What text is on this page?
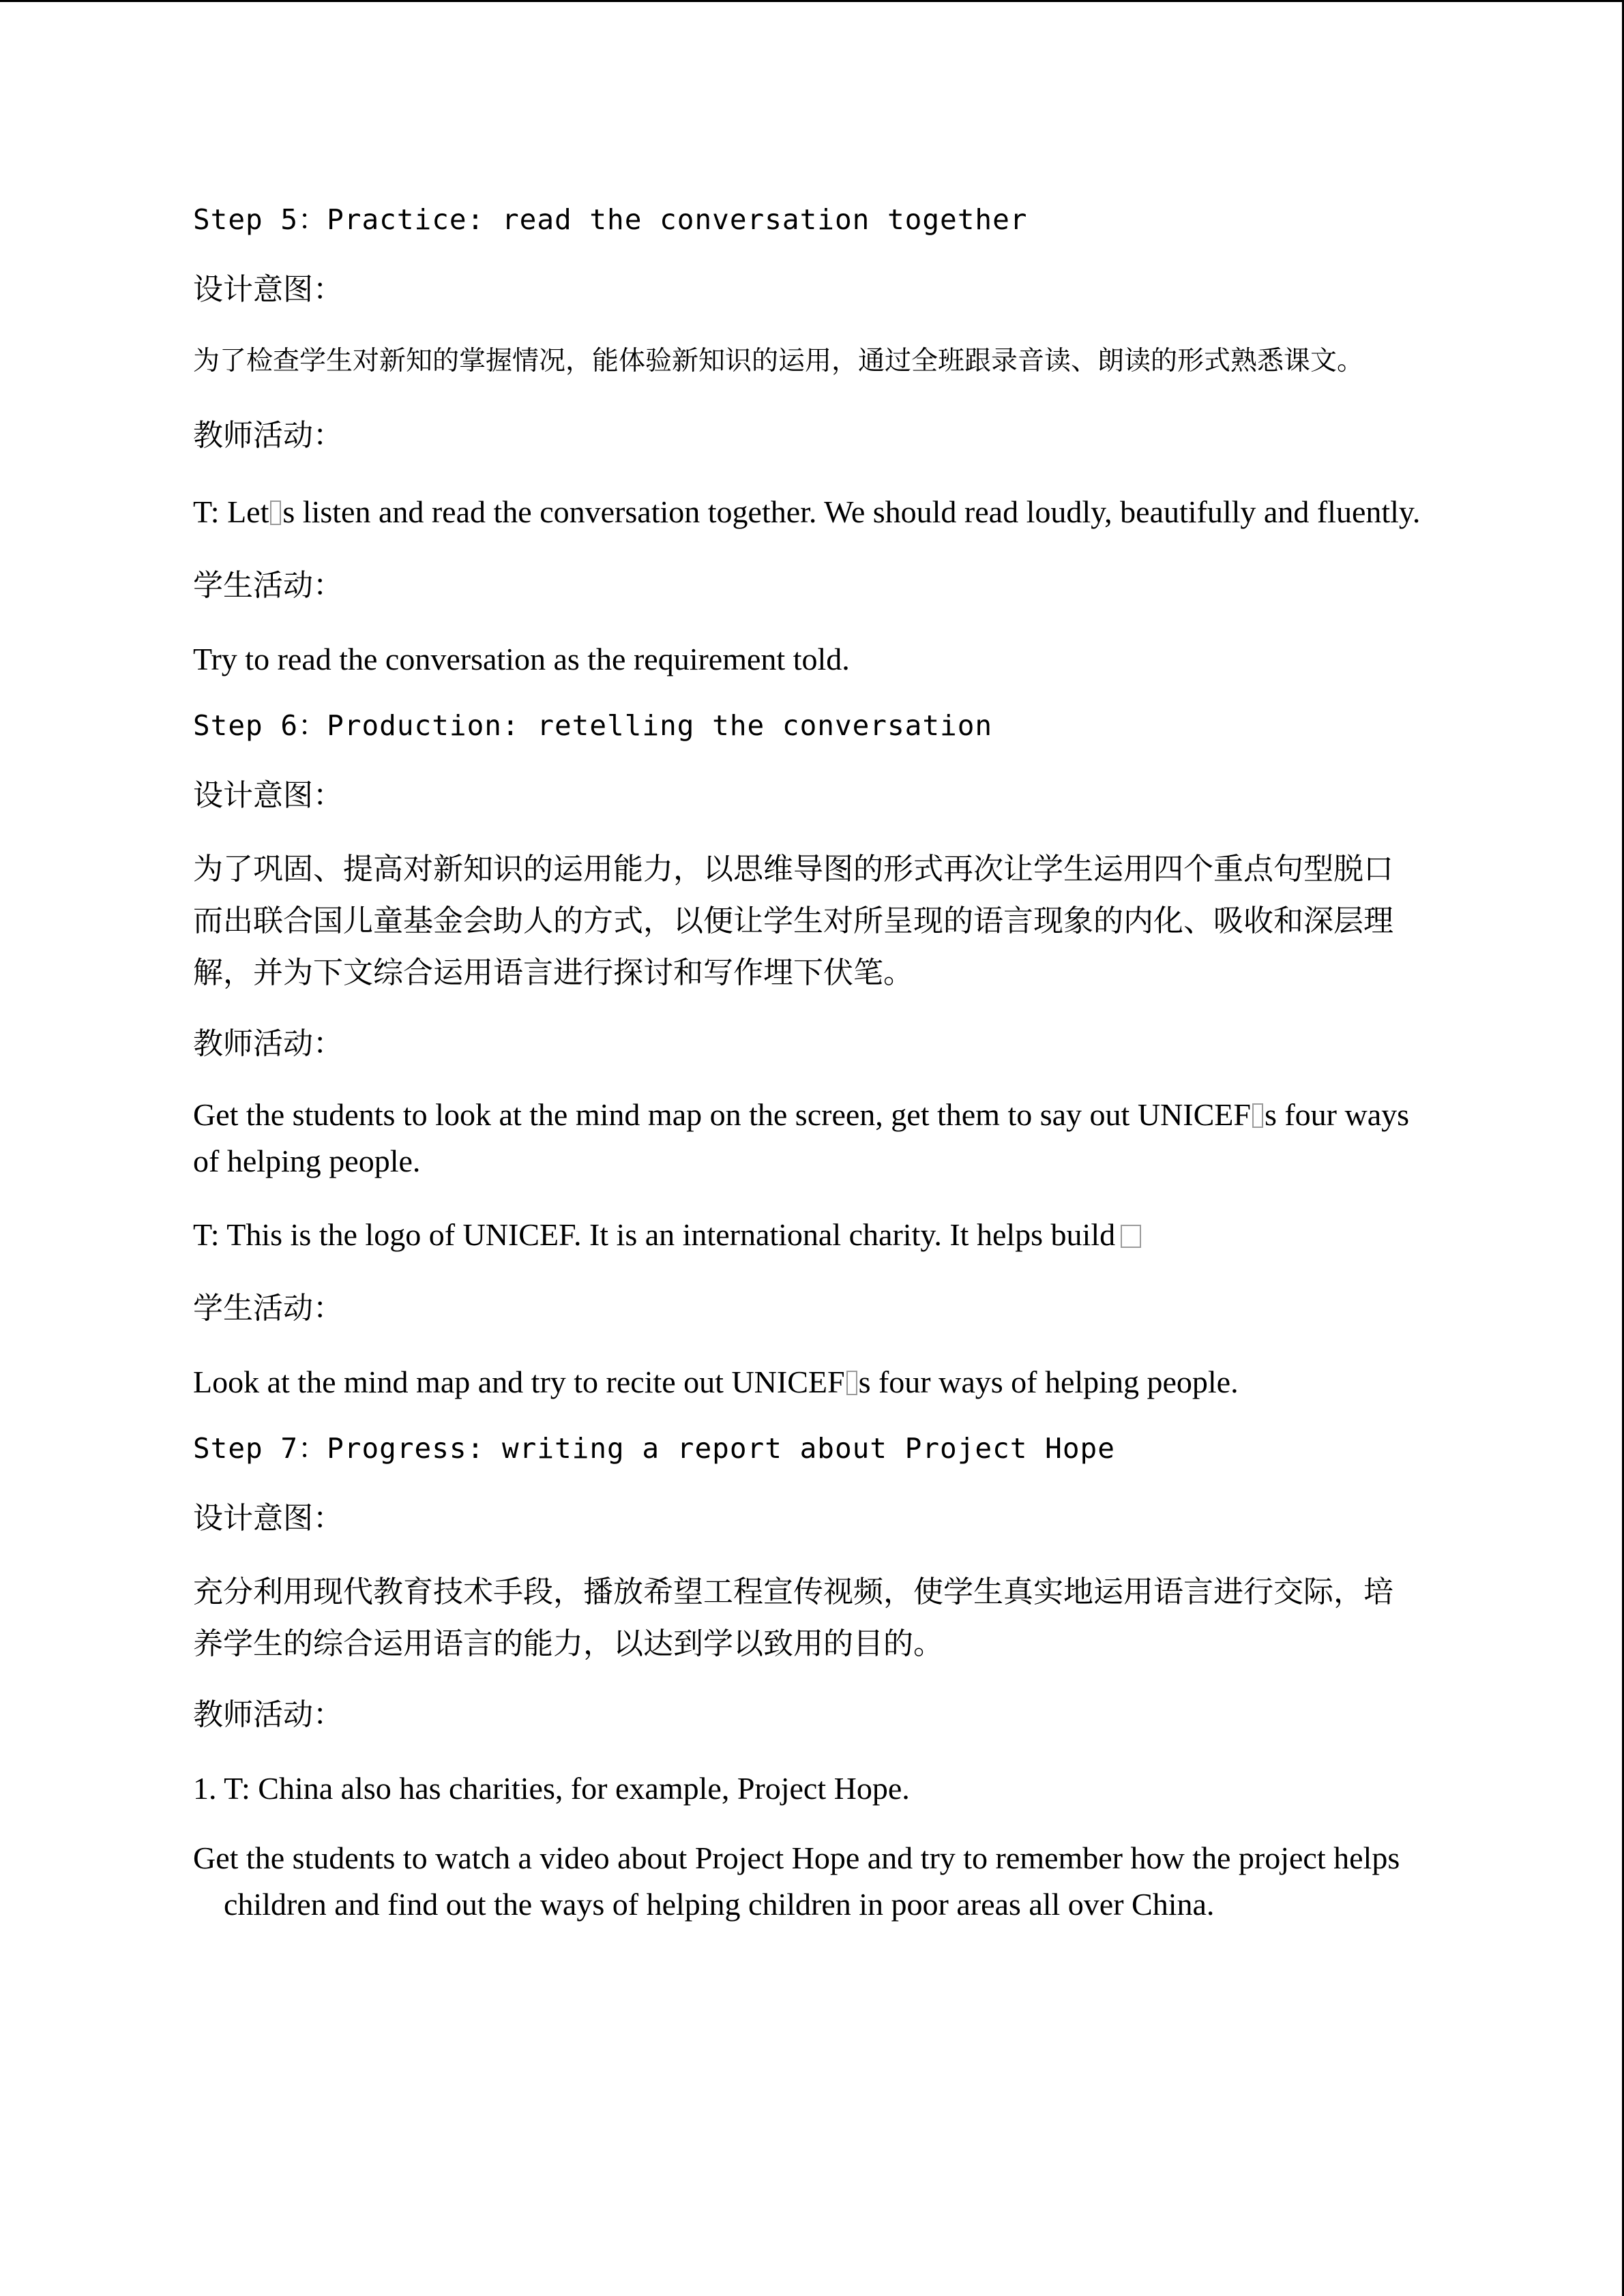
Step 5：Practice: read the conversation together

设计意图：

为了检查学生对新知的掌握情况，能体验新知识的运用，通过全班跟录音读、朗读的形式熟悉课文。

教师活动：

T: Let s listen and read the conversation together. We should read loudly, beautifully and fluently.

学生活动：

Try to read the conversation as the requirement told.

Step 6：Production: retelling the conversation

设计意图：

为了巩固、提高对新知识的运用能力，以思维导图的形式再次让学生运用四个重点句型脱口而出联合国儿童基金会助人的方式，以便让学生对所呈现的语言现象的内化、吸收和深层理解，并为下文综合运用语言进行探讨和写作埋下伏笔。

教师活动：

Get the students to look at the mind map on the screen, get them to say out UNICEF s four ways of helping people.

T: This is the logo of UNICEF. It is an international charity. It helps build

学生活动：

Look at the mind map and try to recite out UNICEF s four ways of helping people.

Step 7：Progress: writing a report about Project Hope

设计意图：

充分利用现代教育技术手段，播放希望工程宣传视频，使学生真实地运用语言进行交际，培养学生的综合运用语言的能力，以达到学以致用的目的。

教师活动：

1. T: China also has charities, for example, Project Hope.

Get the students to watch a video about Project Hope and try to remember how the project helps children and find out the ways of helping children in poor areas all over China.
